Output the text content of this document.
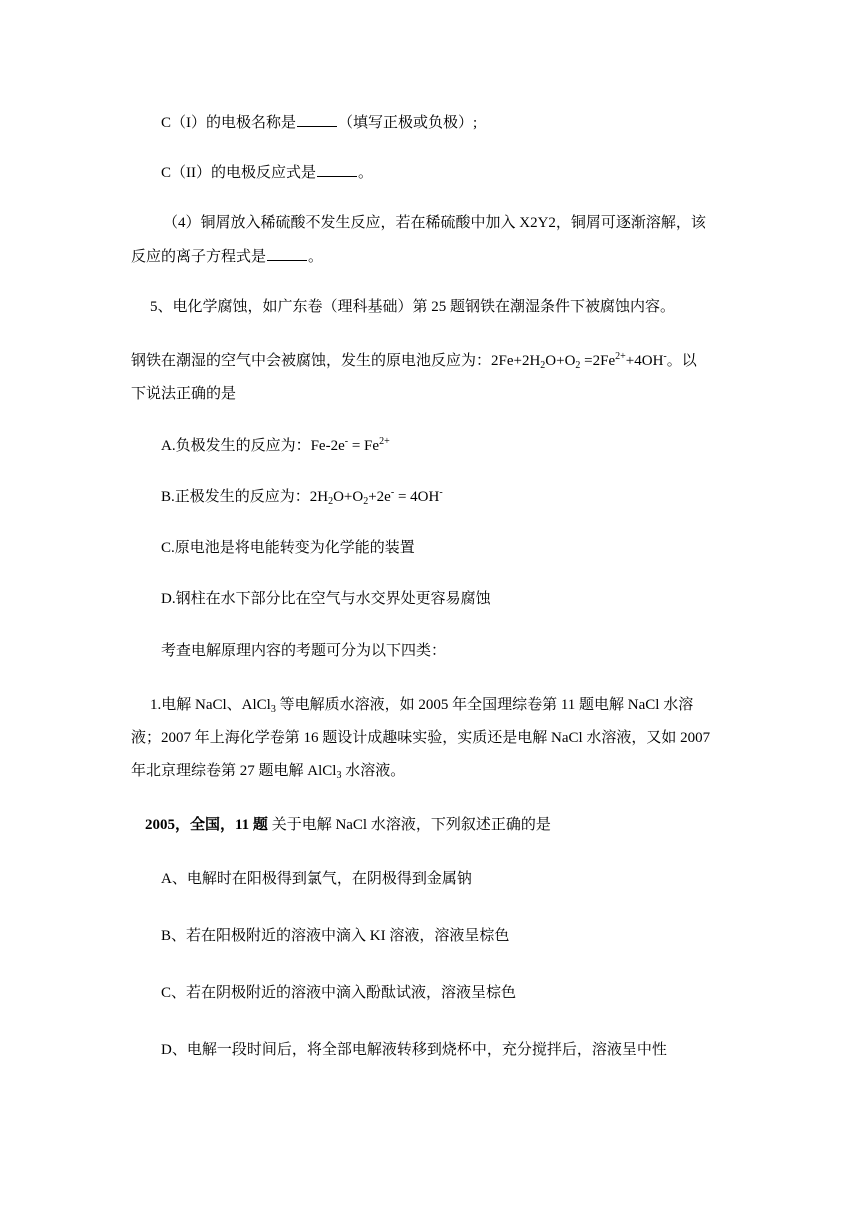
C（I）的电极名称是	（填写正极或负极）;
C（II）的电极反应式是	。
（4）铜屑放入稀硫酸不发生反应，若在稀硫酸中加入 X2Y2，铜屑可逐渐溶解，该
反应的离子方程式是	。
5、电化学腐蚀，如广东卷（理科基础）第 25 题钢铁在潮湿条件下被腐蚀内容。
钢铁在潮湿的空气中会被腐蚀，发生的原电池反应为：$2Fe+2H_2O+O_2 =2Fe^{2+}+4OH^-$。以
下说法正确的是
A.负极发生的反应为：$Fe-2e^- = Fe^{2+}$
B.正极发生的反应为：$2H_2O+O_2+2e^- = 4OH^-$
C.原电池是将电能转变为化学能的装置
D.钢柱在水下部分比在空气与水交界处更容易腐蚀
考查电解原理内容的考题可分为以下四类：
1.电解 NaCl、AlCl$_3$ 等电解质水溶液，如 2005 年全国理综卷第 11 题电解 NaCl 水溶
液；2007 年上海化学卷第 16 题设计成趣味实验，实质还是电解 NaCl 水溶液，又如 2007
年北京理综卷第 27 题电解 AlCl$_3$ 水溶液。
2005，全国，11 题 关于电解 NaCl 水溶液，下列叙述正确的是
A、电解时在阳极得到氯气，在阴极得到金属钠
B、若在阳极附近的溶液中滴入 KI 溶液，溶液呈棕色
C、若在阴极附近的溶液中滴入酚酞试液，溶液呈棕色
D、电解一段时间后，将全部电解液转移到烧杯中，充分搅拌后，溶液呈中性
